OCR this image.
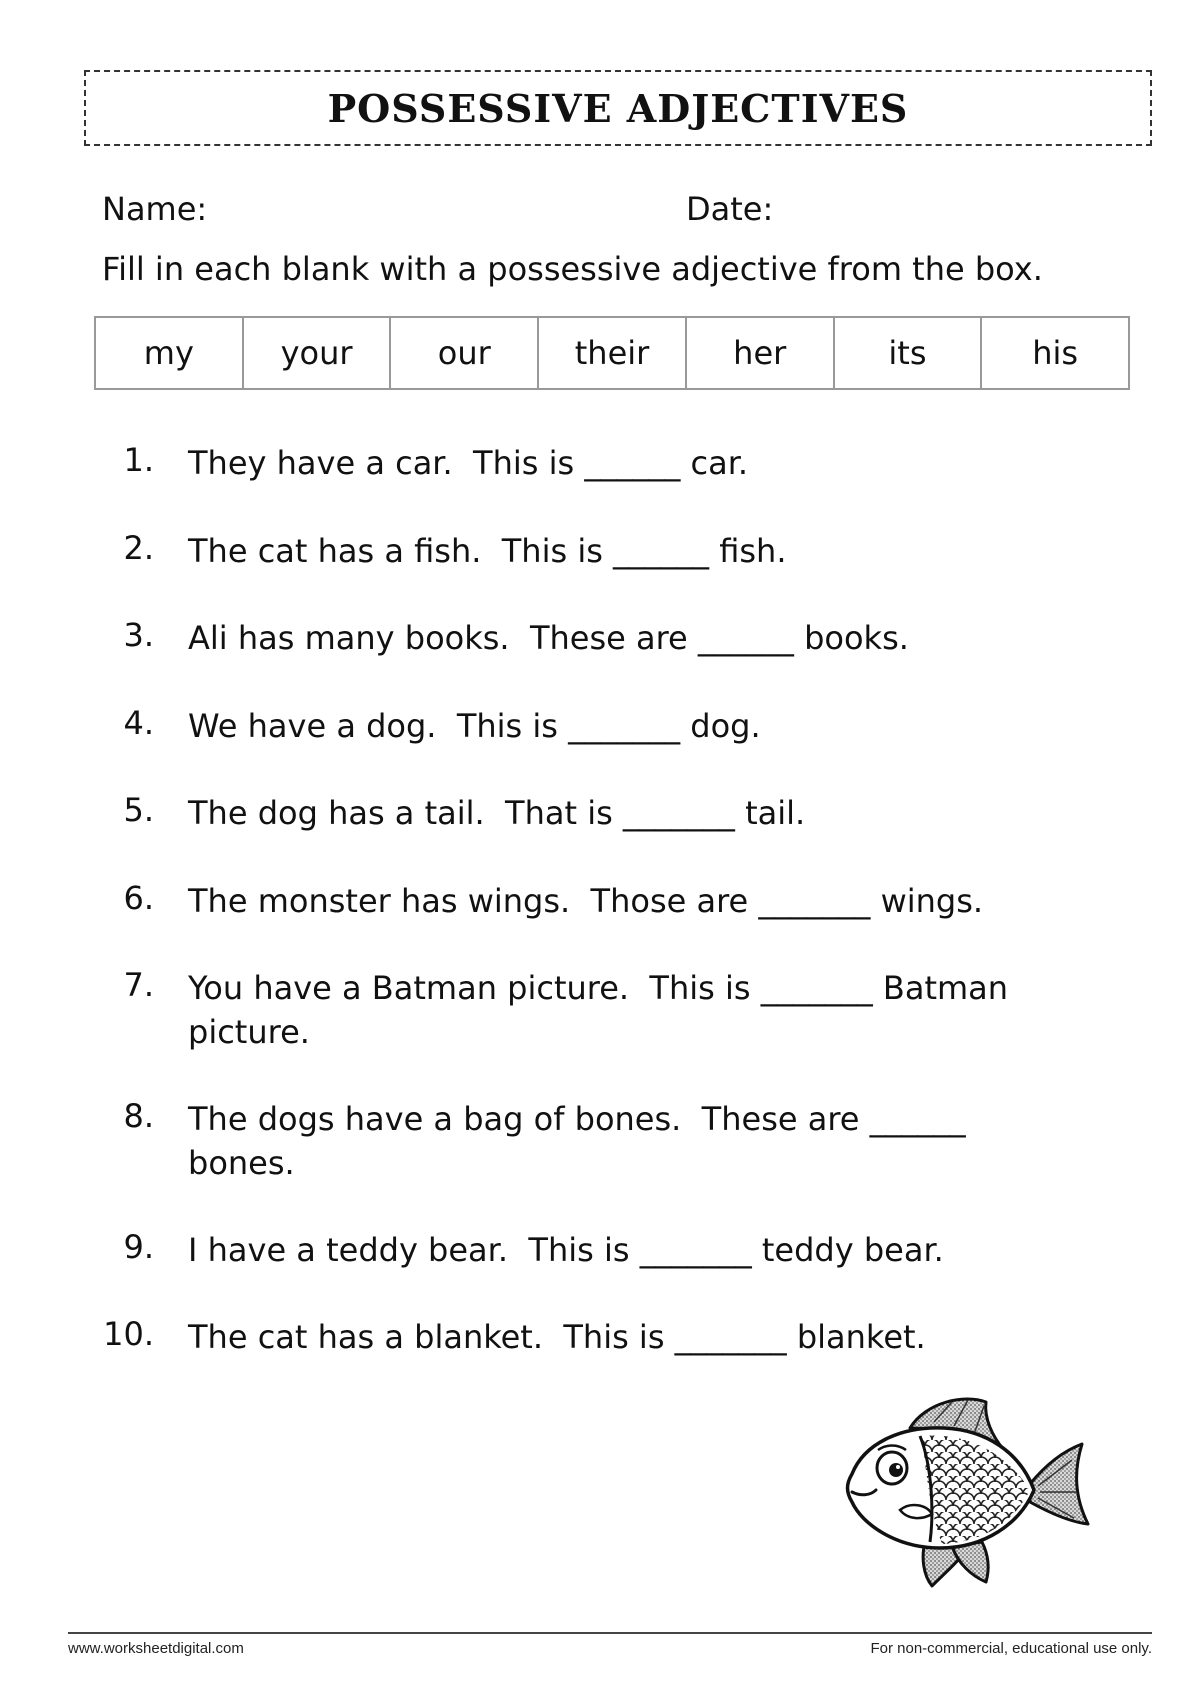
POSSESSIVE ADJECTIVES
Name:	Date:
Fill in each blank with a possessive adjective from the box.
my	your	our	their	her	its	his
1. They have a car.  This is ______ car.
2. The cat has a fish.  This is ______ fish.
3. Ali has many books.  These are ______ books.
4. We have a dog.  This is _______ dog.
5. The dog has a tail.  That is _______ tail.
6. The monster has wings.  Those are _______ wings.
7. You have a Batman picture.  This is _______ Batman
picture.
8. The dogs have a bag of bones.  These are ______
bones.
9. I have a teddy bear.  This is _______ teddy bear.
10. The cat has a blanket.  This is _______ blanket.
www.worksheetdigital.com	For non-commercial, educational use only.
